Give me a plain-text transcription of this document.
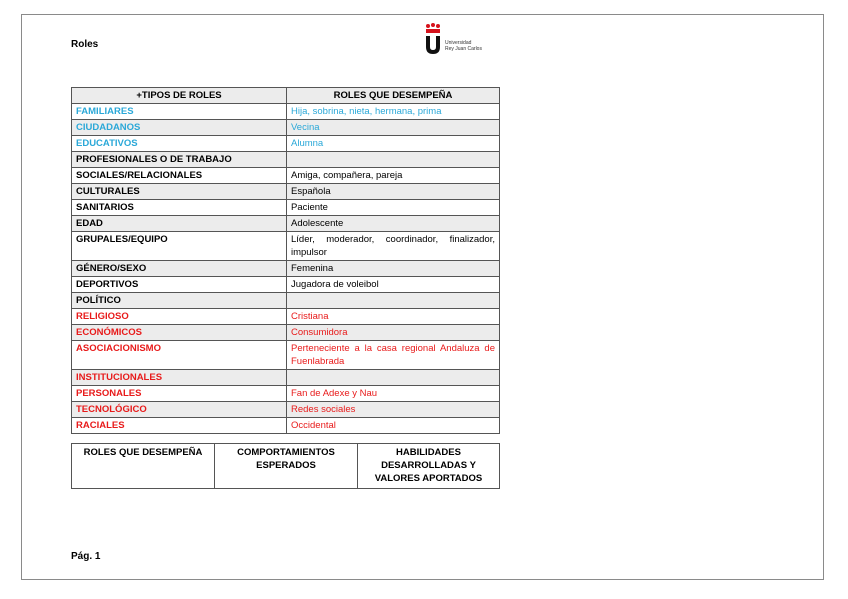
Roles	Universidad
Rey Juan Carlos
+TIPOS DE ROLES	ROLES QUE DESEMPEÑA
FAMILIARES	Hija, sobrina, nieta, hermana, prima
CIUDADANOS	Vecina
EDUCATIVOS	Alumna
PROFESIONALES O DE TRABAJO	
SOCIALES/RELACIONALES	Amiga, compañera, pareja
CULTURALES	Española
SANITARIOS	Paciente
EDAD	Adolescente
GRUPALES/EQUIPO	Líder, moderador, coordinador, finalizador, impulsor
GÉNERO/SEXO	Femenina
DEPORTIVOS	Jugadora de voleibol
POLÍTICO	
RELIGIOSO	Cristiana
ECONÓMICOS	Consumidora
ASOCIACIONISMO	Perteneciente a la casa regional Andaluza de Fuenlabrada
INSTITUCIONALES	
PERSONALES	Fan de Adexe y Nau
TECNOLÓGICO	Redes sociales
RACIALES	Occidental
ROLES QUE DESEMPEÑA	COMPORTAMIENTOS ESPERADOS	HABILIDADES DESARROLLADAS Y VALORES APORTADOS
Pág. 1
